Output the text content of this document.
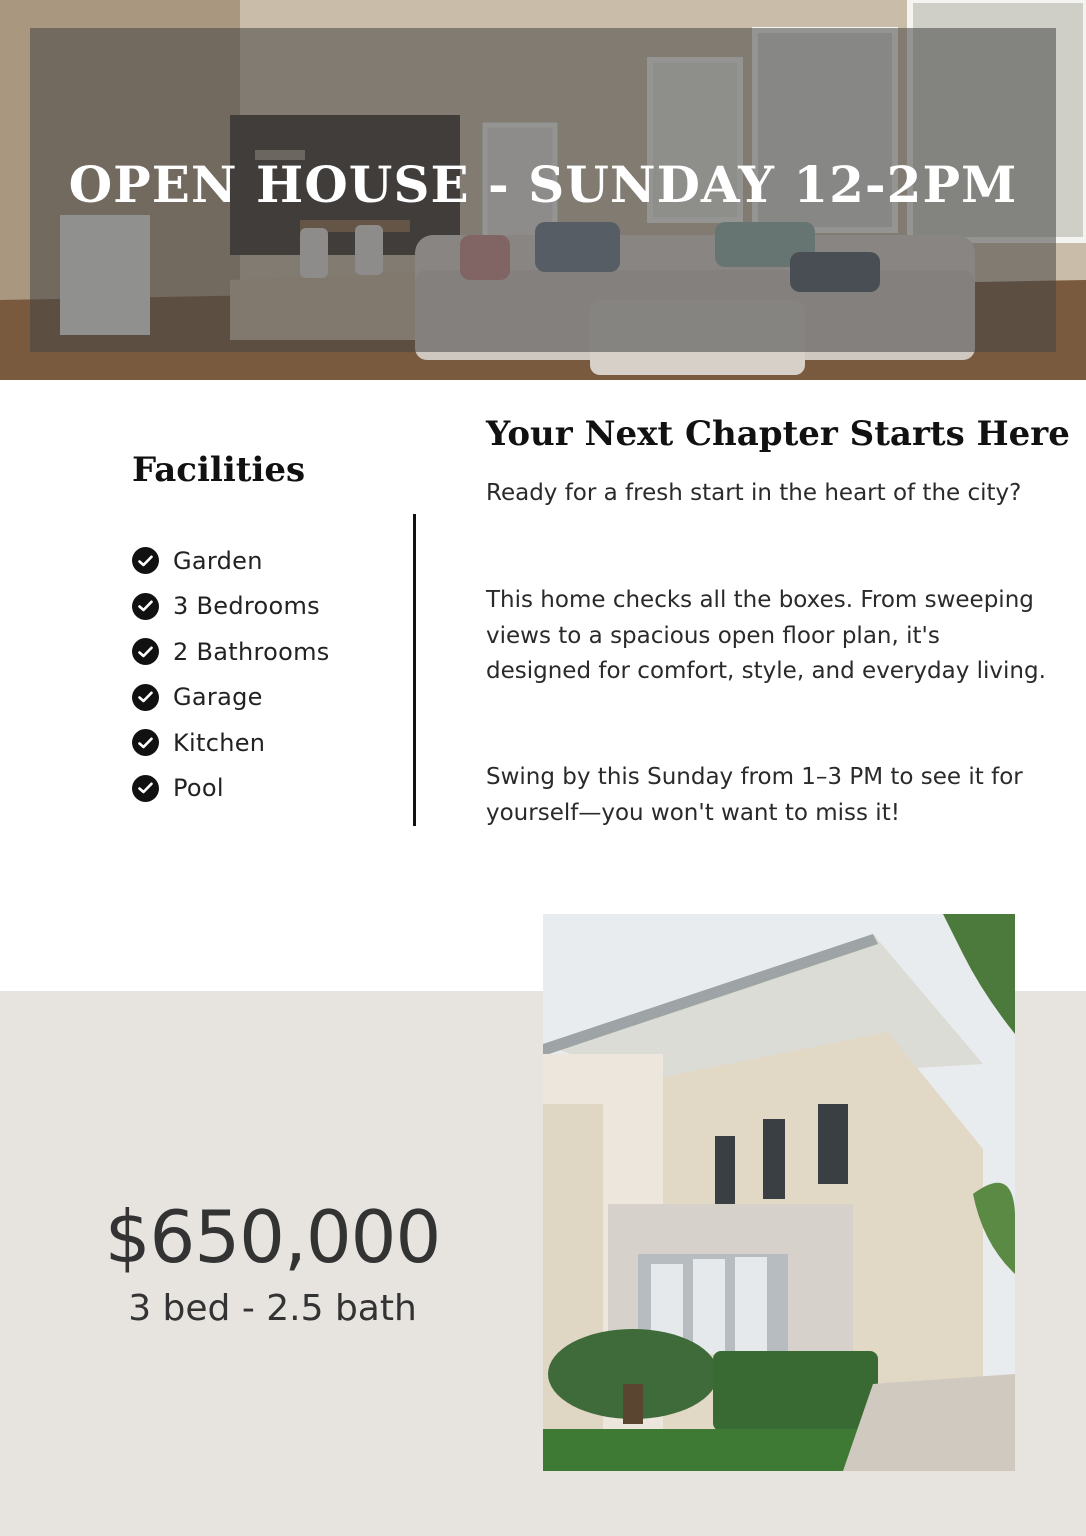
OPEN HOUSE - SUNDAY 12-2PM
Facilities
Garden
3 Bedrooms
2 Bathrooms
Garage
Kitchen
Pool
Your Next Chapter Starts Here

Ready for a fresh start in the heart of the city?

This home checks all the boxes. From sweeping views to a spacious open floor plan, it's designed for comfort, style, and everyday living.

Swing by this Sunday from 1–3 PM to see it for yourself—you won't want to miss it!

$650,000

3 bed - 2.5 bath
